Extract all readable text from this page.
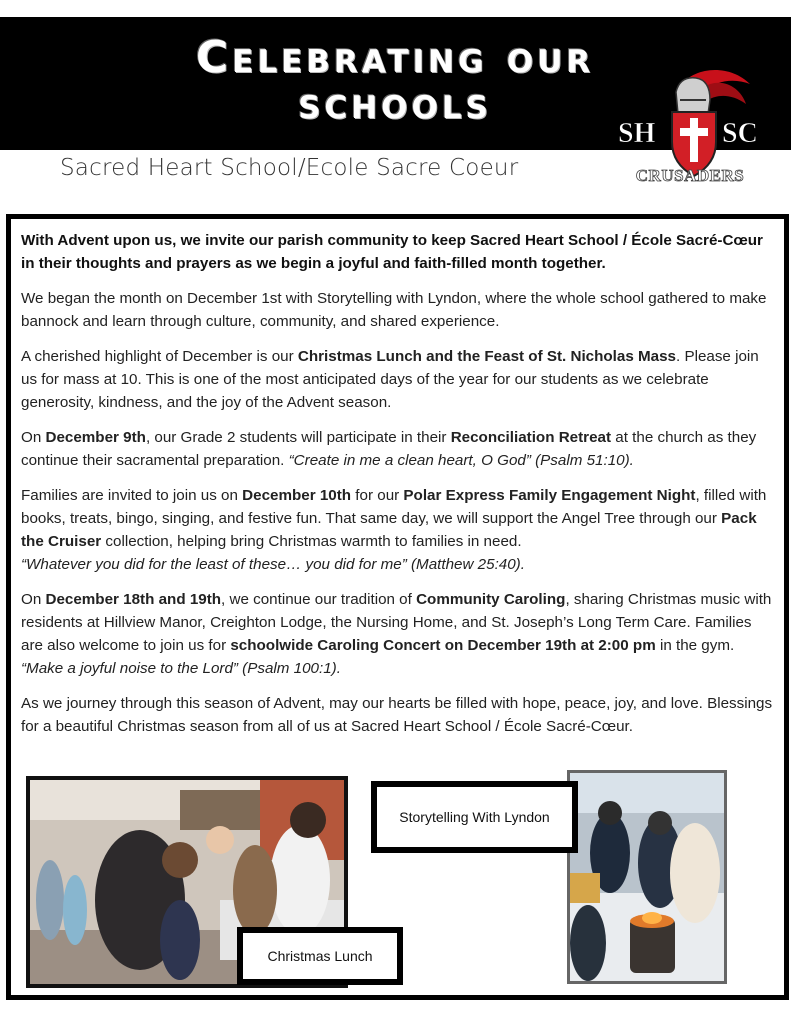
Celebrating our
schools
SH SC
CRUSADERS
Sacred Heart School/Ecole Sacre Coeur

With Advent upon us, we invite our parish community to keep Sacred Heart School / École Sacré-Cœur in their thoughts and prayers as we begin a joyful and faith-filled month together.

We began the month on December 1st with Storytelling with Lyndon, where the whole school gathered to make bannock and learn through culture, community, and shared experience.

A cherished highlight of December is our Christmas Lunch and the Feast of St. Nicholas Mass. Please join us for mass at 10. This is one of the most anticipated days of the year for our students as we celebrate generosity, kindness, and the joy of the Advent season.

On December 9th, our Grade 2 students will participate in their Reconciliation Retreat at the church as they continue their sacramental preparation. “Create in me a clean heart, O God” (Psalm 51:10).

Families are invited to join us on December 10th for our Polar Express Family Engagement Night, filled with books, treats, bingo, singing, and festive fun. That same day, we will support the Angel Tree through our Pack the Cruiser collection, helping bring Christmas warmth to families in need.
“Whatever you did for the least of these… you did for me” (Matthew 25:40).

On December 18th and 19th, we continue our tradition of Community Caroling, sharing Christmas music with residents at Hillview Manor, Creighton Lodge, the Nursing Home, and St. Joseph’s Long Term Care. Families are also welcome to join us for schoolwide Caroling Concert on December 19th at 2:00 pm in the gym. “Make a joyful noise to the Lord” (Psalm 100:1).

As we journey through this season of Advent, may our hearts be filled with hope, peace, joy, and love. Blessings for a beautiful Christmas season from all of us at Sacred Heart School / École Sacré-Cœur.

Storytelling With Lyndon
Christmas Lunch
